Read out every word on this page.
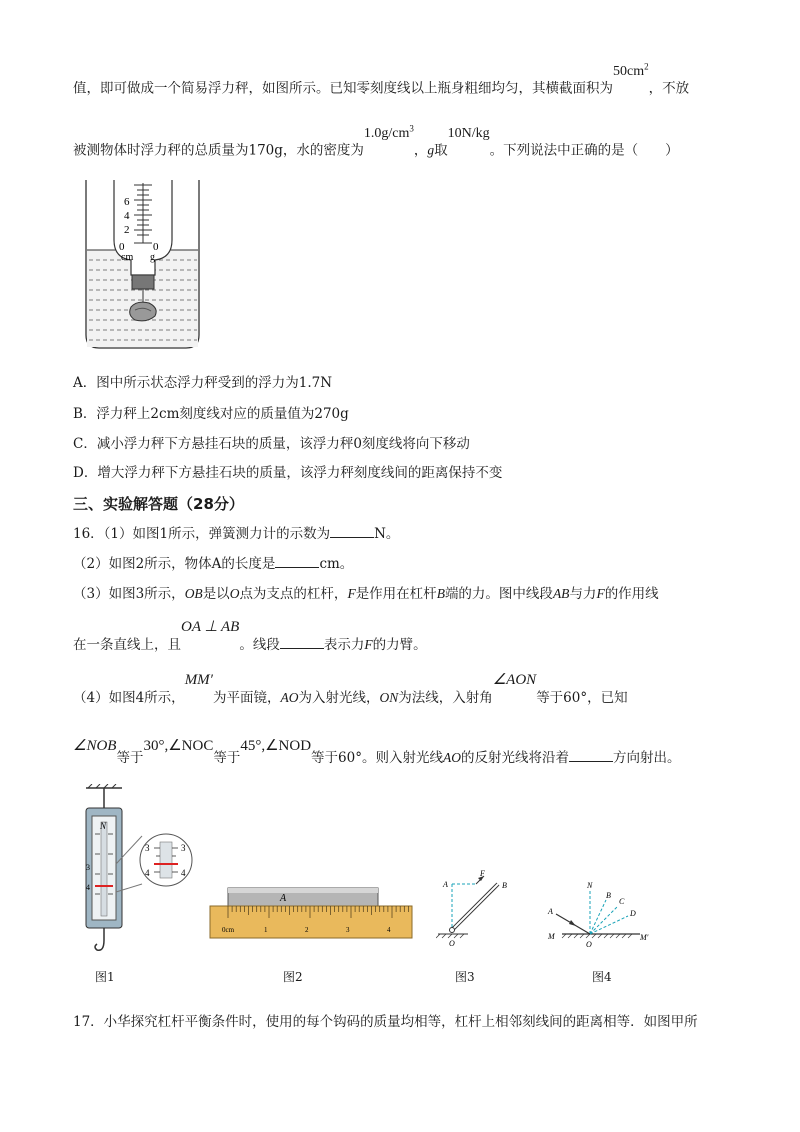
值，即可做成一个简易浮力秤，如图所示。已知零刻度线以上瓶身粗细均匀，其横截面积为$50cm^2$，不放
被测物体时浮力秤的总质量为170g，水的密度为$1.0g/cm^3$，g取10N/kg。下列说法中正确的是（　　）
6
4
2
0	0
cm g
A．图中所示状态浮力秤受到的浮力为1.7N
B．浮力秤上2cm刻度线对应的质量值为270g
C．减小浮力秤下方悬挂石块的质量，该浮力秤0刻度线将向下移动
D．增大浮力秤下方悬挂石块的质量，该浮力秤刻度线间的距离保持不变
三、实验解答题（28分）
16．（1）如图1所示，弹簧测力计的示数为	N。
（2）如图2所示，物体A的长度是	cm。
（3）如图3所示，OB是以O点为支点的杠杆，F是作用在杠杆B端的力。图中线段AB与力F的作用线
在一条直线上，且OA ⊥ AB。线段	表示力F的力臂。
（4）如图4所示，MM′为平面镜，AO为入射光线，ON为法线，入射角∠AON等于60°，已知
∠NOB等于30°,∠NOC等于45°,∠NOD等于60°。则入射光线AO的反射光线将沿着	方向射出。
N
3
4
3
4
3
4
A
0cm	1	2	3	4
A
F
B
O
N
B
C
D
A
M
O
M′
图1	图2	图3	图4
17．小华探究杠杆平衡条件时，使用的每个钩码的质量均相等，杠杆上相邻刻线间的距离相等．如图甲所
